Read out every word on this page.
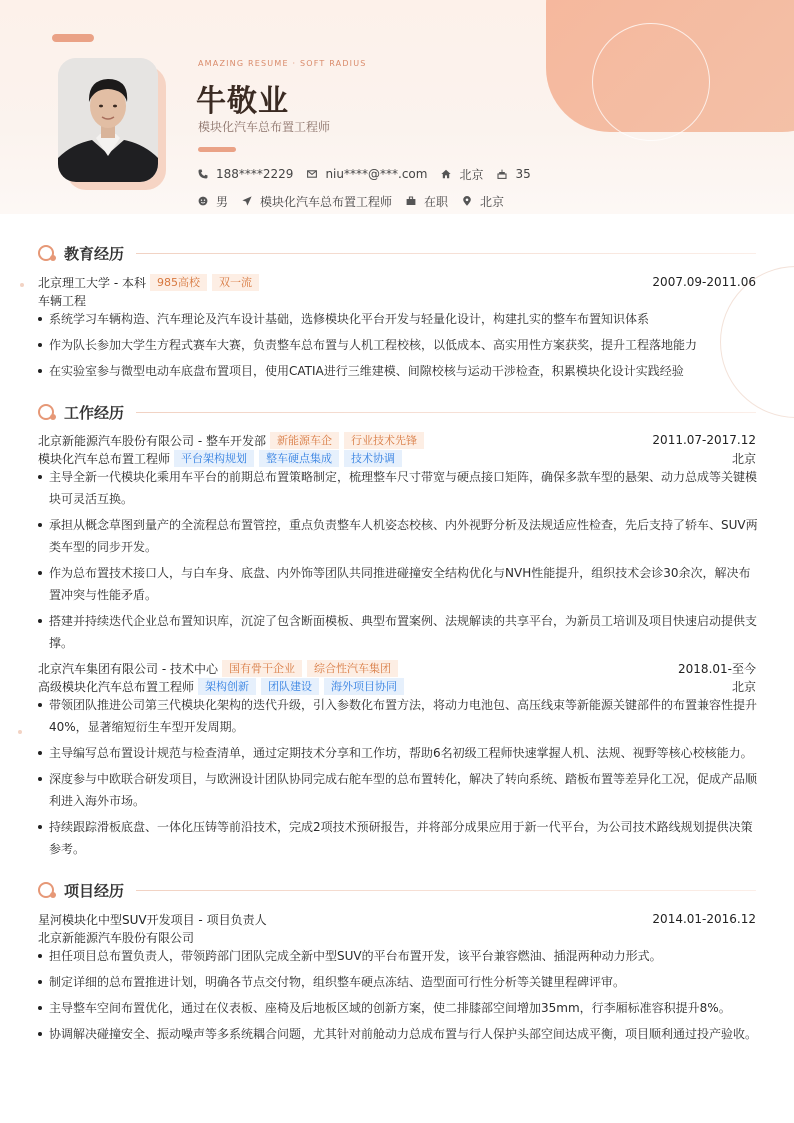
AMAZING RESUME · SOFT RADIUS
牛敬业
模块化汽车总布置工程师
188****2229	niu****@***.com	北京	35
男	模块化汽车总布置工程师	在职	北京
教育经历
北京理工大学 - 本科	985高校	双一流	2007.09-2011.06
车辆工程
系统学习车辆构造、汽车理论及汽车设计基础，选修模块化平台开发与轻量化设计，构建扎实的整车布置知识体系
作为队长参加大学生方程式赛车大赛，负责整车总布置与人机工程校核，以低成本、高实用性方案获奖，提升工程落地能力
在实验室参与微型电动车底盘布置项目，使用CATIA进行三维建模、间隙校核与运动干涉检查，积累模块化设计实践经验
工作经历
北京新能源汽车股份有限公司 - 整车开发部	新能源车企	行业技术先锋	2011.07-2017.12
模块化汽车总布置工程师	平台架构规划	整车硬点集成	技术协调	北京
主导全新一代模块化乘用车平台的前期总布置策略制定，梳理整车尺寸带宽与硬点接口矩阵，确保多款车型的悬架、动力总成等关键模块可灵活互换。
承担从概念草图到量产的全流程总布置管控，重点负责整车人机姿态校核、内外视野分析及法规适应性检查，先后支持了轿车、SUV两类车型的同步开发。
作为总布置技术接口人，与白车身、底盘、内外饰等团队共同推进碰撞安全结构优化与NVH性能提升，组织技术会诊30余次，解决布置冲突与性能矛盾。
搭建并持续迭代企业总布置知识库，沉淀了包含断面模板、典型布置案例、法规解读的共享平台，为新员工培训及项目快速启动提供支撑。
北京汽车集团有限公司 - 技术中心	国有骨干企业	综合性汽车集团	2018.01-至今
高级模块化汽车总布置工程师	架构创新	团队建设	海外项目协同	北京
带领团队推进公司第三代模块化架构的迭代升级，引入参数化布置方法，将动力电池包、高压线束等新能源关键部件的布置兼容性提升40%，显著缩短衍生车型开发周期。
主导编写总布置设计规范与检查清单，通过定期技术分享和工作坊，帮助6名初级工程师快速掌握人机、法规、视野等核心校核能力。
深度参与中欧联合研发项目，与欧洲设计团队协同完成右舵车型的总布置转化，解决了转向系统、踏板布置等差异化工况，促成产品顺利进入海外市场。
持续跟踪滑板底盘、一体化压铸等前沿技术，完成2项技术预研报告，并将部分成果应用于新一代平台，为公司技术路线规划提供决策参考。
项目经历
星河模块化中型SUV开发项目 - 项目负责人	2014.01-2016.12
北京新能源汽车股份有限公司
担任项目总布置负责人，带领跨部门团队完成全新中型SUV的平台布置开发，该平台兼容燃油、插混两种动力形式。
制定详细的总布置推进计划，明确各节点交付物，组织整车硬点冻结、造型面可行性分析等关键里程碑评审。
主导整车空间布置优化，通过在仪表板、座椅及后地板区域的创新方案，使二排膝部空间增加35mm，行李厢标准容积提升8%。
协调解决碰撞安全、振动噪声等多系统耦合问题，尤其针对前舱动力总成布置与行人保护头部空间达成平衡，项目顺利通过投产验收。
